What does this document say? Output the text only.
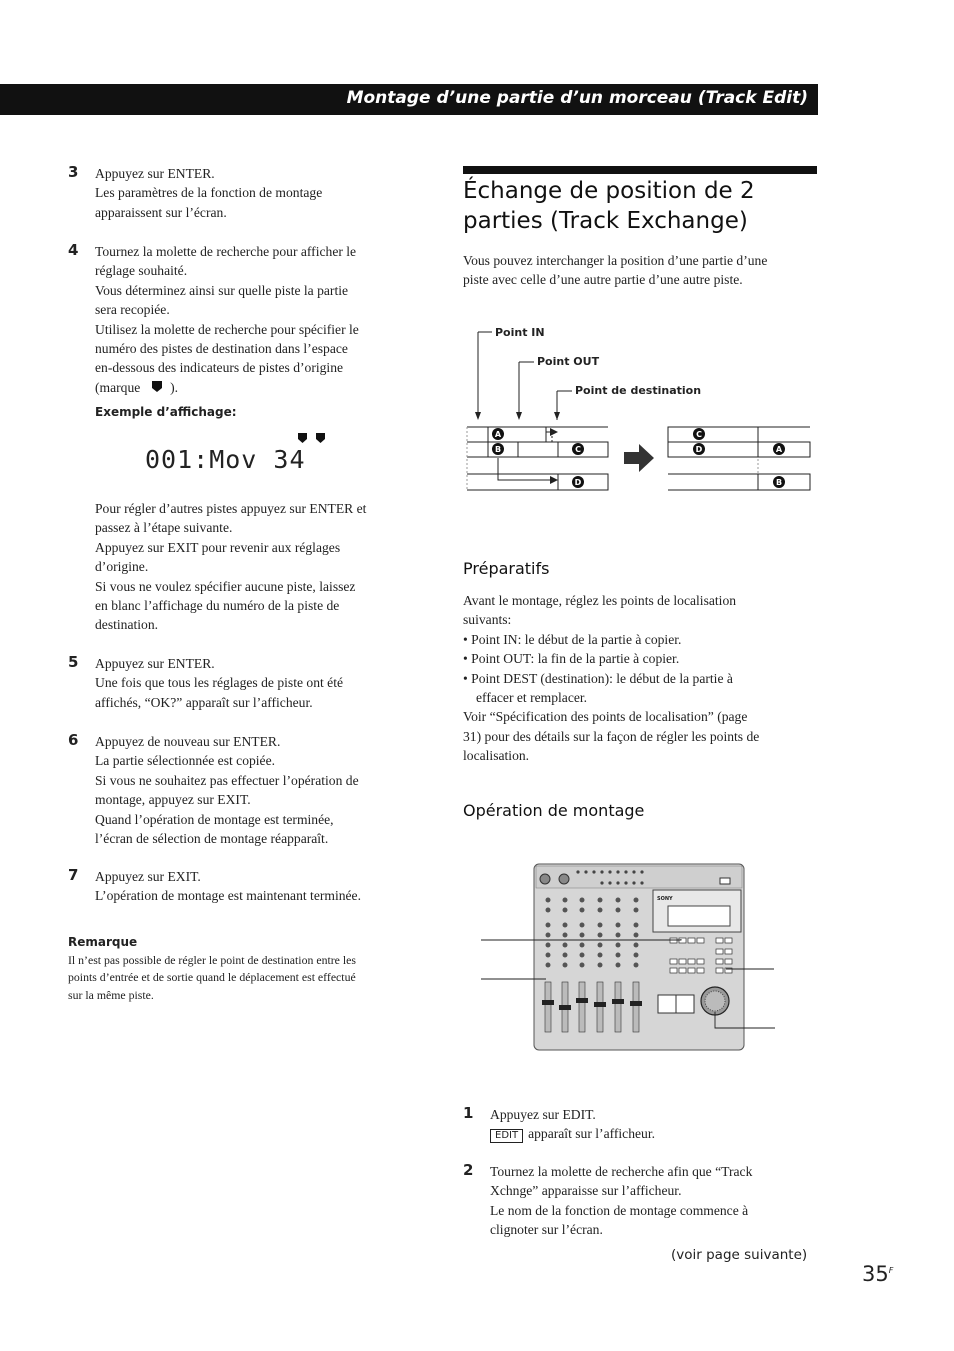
Montage d’une partie d’un morceau (Track Edit)
3 Appuyez sur ENTER.
Les paramètres de la fonction de montage
apparaissent sur l’écran.
4 Tournez la molette de recherche pour afficher le
réglage souhaité.
Vous déterminez ainsi sur quelle piste la partie
sera recopiée.
Utilisez la molette de recherche pour spécifier le
numéro des pistes de destination dans l’espace
en-dessous des indicateurs de pistes d’origine
(marque ).
Exemple d’affichage:
001:Mov 34
Pour régler d’autres pistes appuyez sur ENTER et
passez à l’étape suivante.
Appuyez sur EXIT pour revenir aux réglages
d’origine.
Si vous ne voulez spécifier aucune piste, laissez
en blanc l’affichage du numéro de la piste de
destination.
5 Appuyez sur ENTER.
Une fois que tous les réglages de piste ont été
affichés, “OK?” apparaît sur l’afficheur.
6 Appuyez de nouveau sur ENTER.
La partie sélectionnée est copiée.
Si vous ne souhaitez pas effectuer l’opération de
montage, appuyez sur EXIT.
Quand l’opération de montage est terminée,
l’écran de sélection de montage réapparaît.
7 Appuyez sur EXIT.
L’opération de montage est maintenant terminée.
Remarque
Il n’est pas possible de régler le point de destination entre les
points d’entrée et de sortie quand le déplacement est effectué
sur la même piste.
Échange de position de 2
parties (Track Exchange)
Vous pouvez interchanger la position d’une partie d’une
piste avec celle d’une autre partie d’une autre piste.
A
B	C
D
C
D	A
B
Point IN
Point OUT
Point de destination
Préparatifs
Avant le montage, réglez les points de localisation
suivants:
• Point IN: le début de la partie à copier.
• Point OUT: la fin de la partie à copier.
• Point DEST (destination): le début de la partie à
effacer et remplacer.
Voir “Spécification des points de localisation” (page
31) pour des détails sur la façon de régler les points de
localisation.
Opération de montage
SONY
1 Appuyez sur EDIT.
EDIT apparaît sur l’afficheur.
2 Tournez la molette de recherche afin que “Track
Xchnge” apparaisse sur l’afficheur.
Le nom de la fonction de montage commence à
clignoter sur l’écran.
(voir page suivante)
$35^F$
